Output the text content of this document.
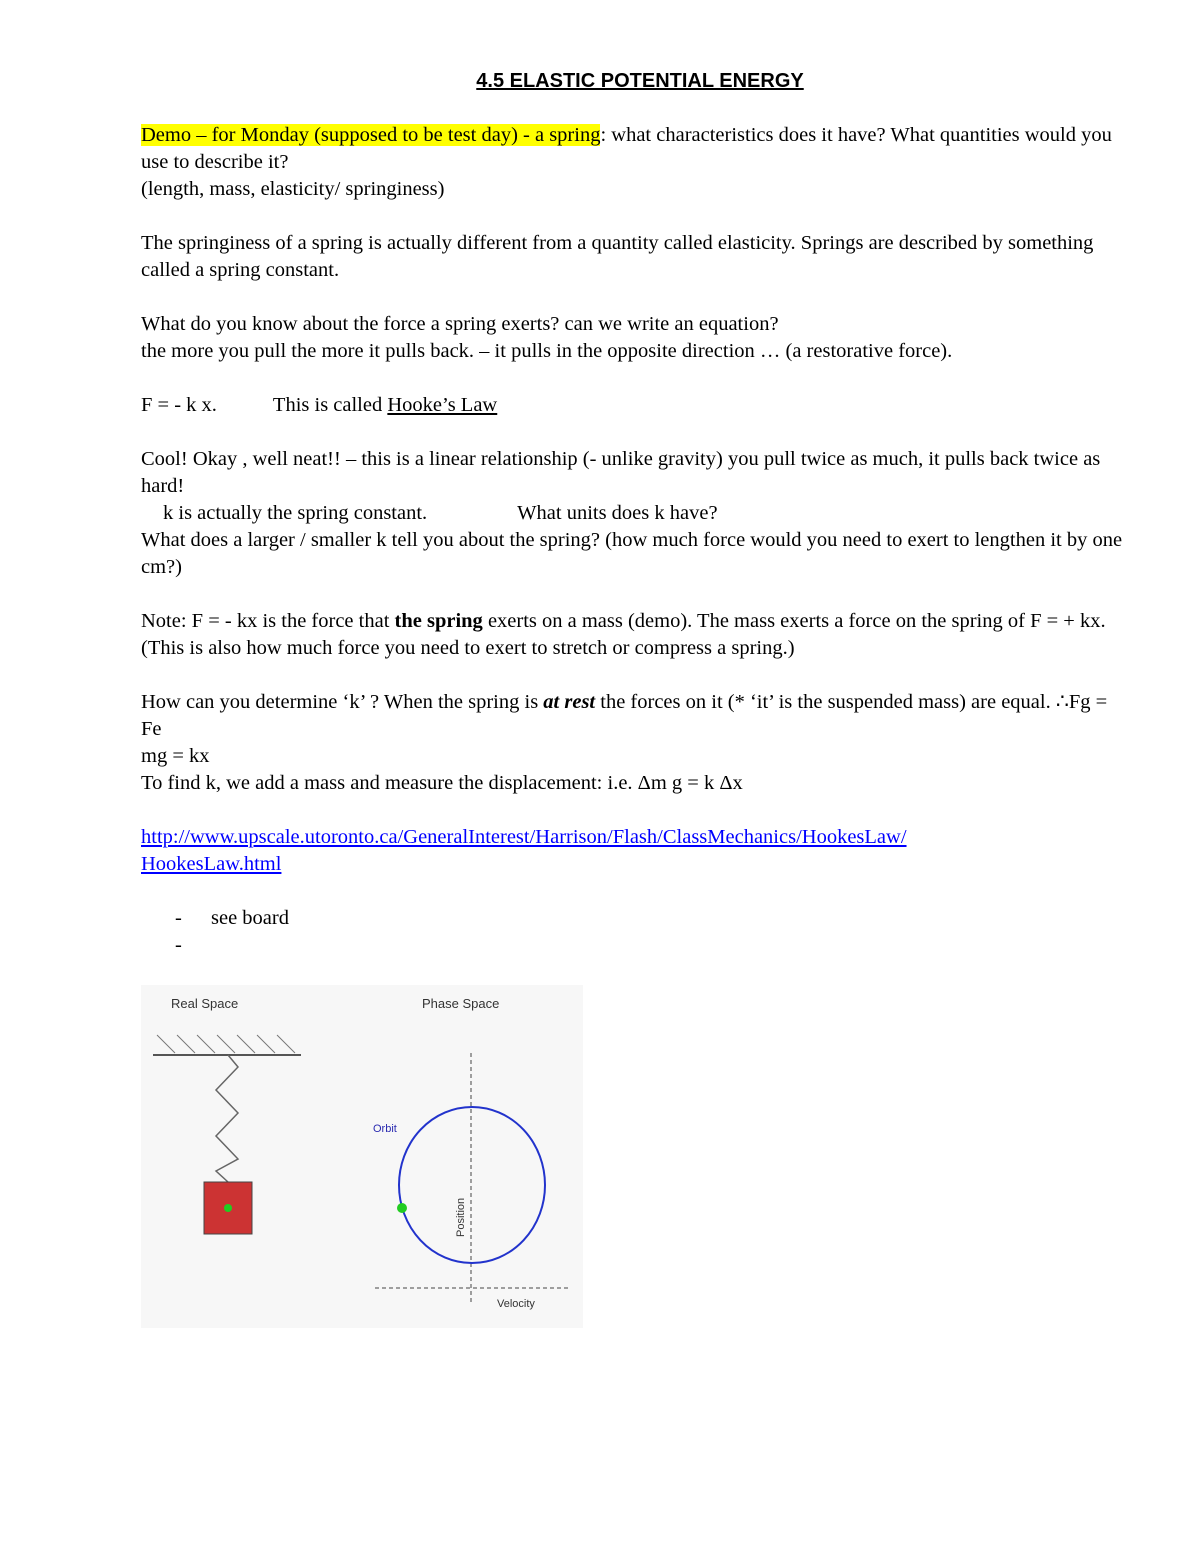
4.5 ELASTIC POTENTIAL ENERGY

Demo – for Monday (supposed to be test day) - a spring: what characteristics does it have? What quantities would you use to describe it?
(length, mass, elasticity/ springiness)

The springiness of a spring is actually different from a quantity called elasticity. Springs are described by something called a spring constant.

What do you know about the force a spring exerts? can we write an equation?
the more you pull the more it pulls back. – it pulls in the opposite direction … (a restorative force).

F = - k x.	This is called Hooke’s Law

Cool! Okay , well neat!! – this is a linear relationship (- unlike gravity) you pull twice as much, it pulls back twice as hard!
k is actually the spring constant.	What units does k have?
What does a larger / smaller k tell you about the spring? (how much force would you need to exert to lengthen it by one cm?)

Note: F = - kx is the force that the spring exerts on a mass (demo). The mass exerts a force on the spring of F = + kx. (This is also how much force you need to exert to stretch or compress a spring.)

How can you determine ‘k’ ? When the spring is at rest the forces on it (* ‘it’ is the suspended mass) are equal. ∴Fg = Fe
mg = kx
To find k, we add a mass and measure the displacement: i.e. Δm g = k Δx

http://www.upscale.utoronto.ca/GeneralInterest/Harrison/Flash/ClassMechanics/HookesLaw/
HookesLaw.html

- see board
-
Real Space	Phase Space
Orbit
Position
Velocity
